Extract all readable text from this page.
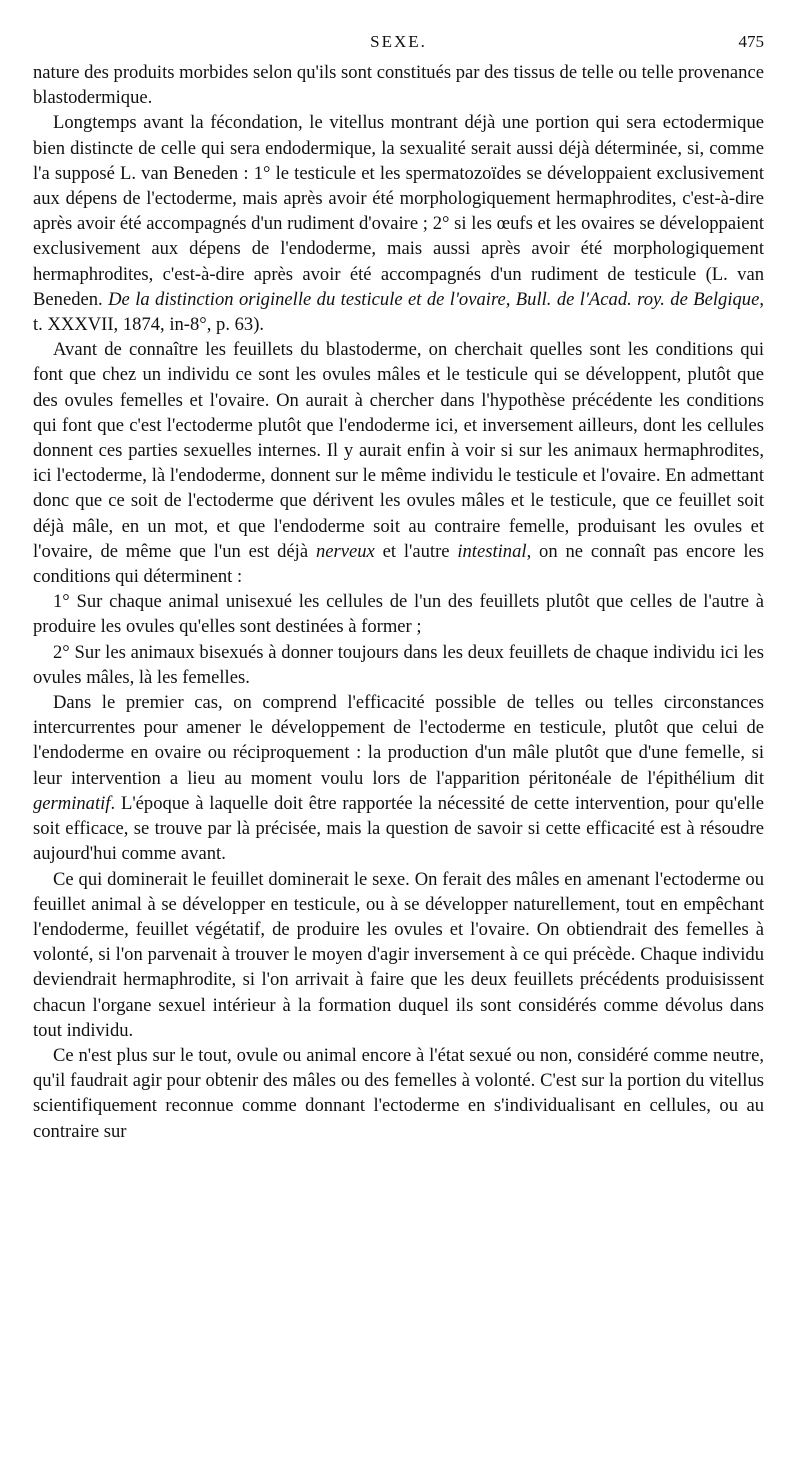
SEXE.	475

nature des produits morbides selon qu'ils sont constitués par des tissus de telle ou telle provenance blastodermique.

Longtemps avant la fécondation, le vitellus montrant déjà une portion qui sera ectodermique bien distincte de celle qui sera endodermique, la sexualité serait aussi déjà déterminée, si, comme l'a supposé L. van Beneden : 1° le testicule et les spermatozoïdes se développaient exclusivement aux dépens de l'ectoderme, mais après avoir été morphologiquement hermaphrodites, c'est-à-dire après avoir été accompagnés d'un rudiment d'ovaire ; 2° si les œufs et les ovaires se développaient exclusivement aux dépens de l'endoderme, mais aussi après avoir été morphologiquement hermaphrodites, c'est-à-dire après avoir été accompagnés d'un rudiment de testicule (L. van Beneden. De la distinction originelle du testicule et de l'ovaire, Bull. de l'Acad. roy. de Belgique, t. XXXVII, 1874, in-8°, p. 63).

Avant de connaître les feuillets du blastoderme, on cherchait quelles sont les conditions qui font que chez un individu ce sont les ovules mâles et le testicule qui se développent, plutôt que des ovules femelles et l'ovaire. On aurait à chercher dans l'hypothèse précédente les conditions qui font que c'est l'ectoderme plutôt que l'endoderme ici, et inversement ailleurs, dont les cellules donnent ces parties sexuelles internes. Il y aurait enfin à voir si sur les animaux hermaphrodites, ici l'ectoderme, là l'endoderme, donnent sur le même individu le testicule et l'ovaire. En admettant donc que ce soit de l'ectoderme que dérivent les ovules mâles et le testicule, que ce feuillet soit déjà mâle, en un mot, et que l'endoderme soit au contraire femelle, produisant les ovules et l'ovaire, de même que l'un est déjà nerveux et l'autre intestinal, on ne connaît pas encore les conditions qui déterminent :

1° Sur chaque animal unisexué les cellules de l'un des feuillets plutôt que celles de l'autre à produire les ovules qu'elles sont destinées à former ;

2° Sur les animaux bisexués à donner toujours dans les deux feuillets de chaque individu ici les ovules mâles, là les femelles.

Dans le premier cas, on comprend l'efficacité possible de telles ou telles circonstances intercurrentes pour amener le développement de l'ectoderme en testicule, plutôt que celui de l'endoderme en ovaire ou réciproquement : la production d'un mâle plutôt que d'une femelle, si leur intervention a lieu au moment voulu lors de l'apparition péritonéale de l'épithélium dit germinatif. L'époque à laquelle doit être rapportée la nécessité de cette intervention, pour qu'elle soit efficace, se trouve par là précisée, mais la question de savoir si cette efficacité est à résoudre aujourd'hui comme avant.

Ce qui dominerait le feuillet dominerait le sexe. On ferait des mâles en amenant l'ectoderme ou feuillet animal à se développer en testicule, ou à se développer naturellement, tout en empêchant l'endoderme, feuillet végétatif, de produire les ovules et l'ovaire. On obtiendrait des femelles à volonté, si l'on parvenait à trouver le moyen d'agir inversement à ce qui précède. Chaque individu deviendrait hermaphrodite, si l'on arrivait à faire que les deux feuillets précédents produisissent chacun l'organe sexuel intérieur à la formation duquel ils sont considérés comme dévolus dans tout individu.

Ce n'est plus sur le tout, ovule ou animal encore à l'état sexué ou non, considéré comme neutre, qu'il faudrait agir pour obtenir des mâles ou des femelles à volonté. C'est sur la portion du vitellus scientifiquement reconnue comme donnant l'ectoderme en s'individualisant en cellules, ou au contraire sur
